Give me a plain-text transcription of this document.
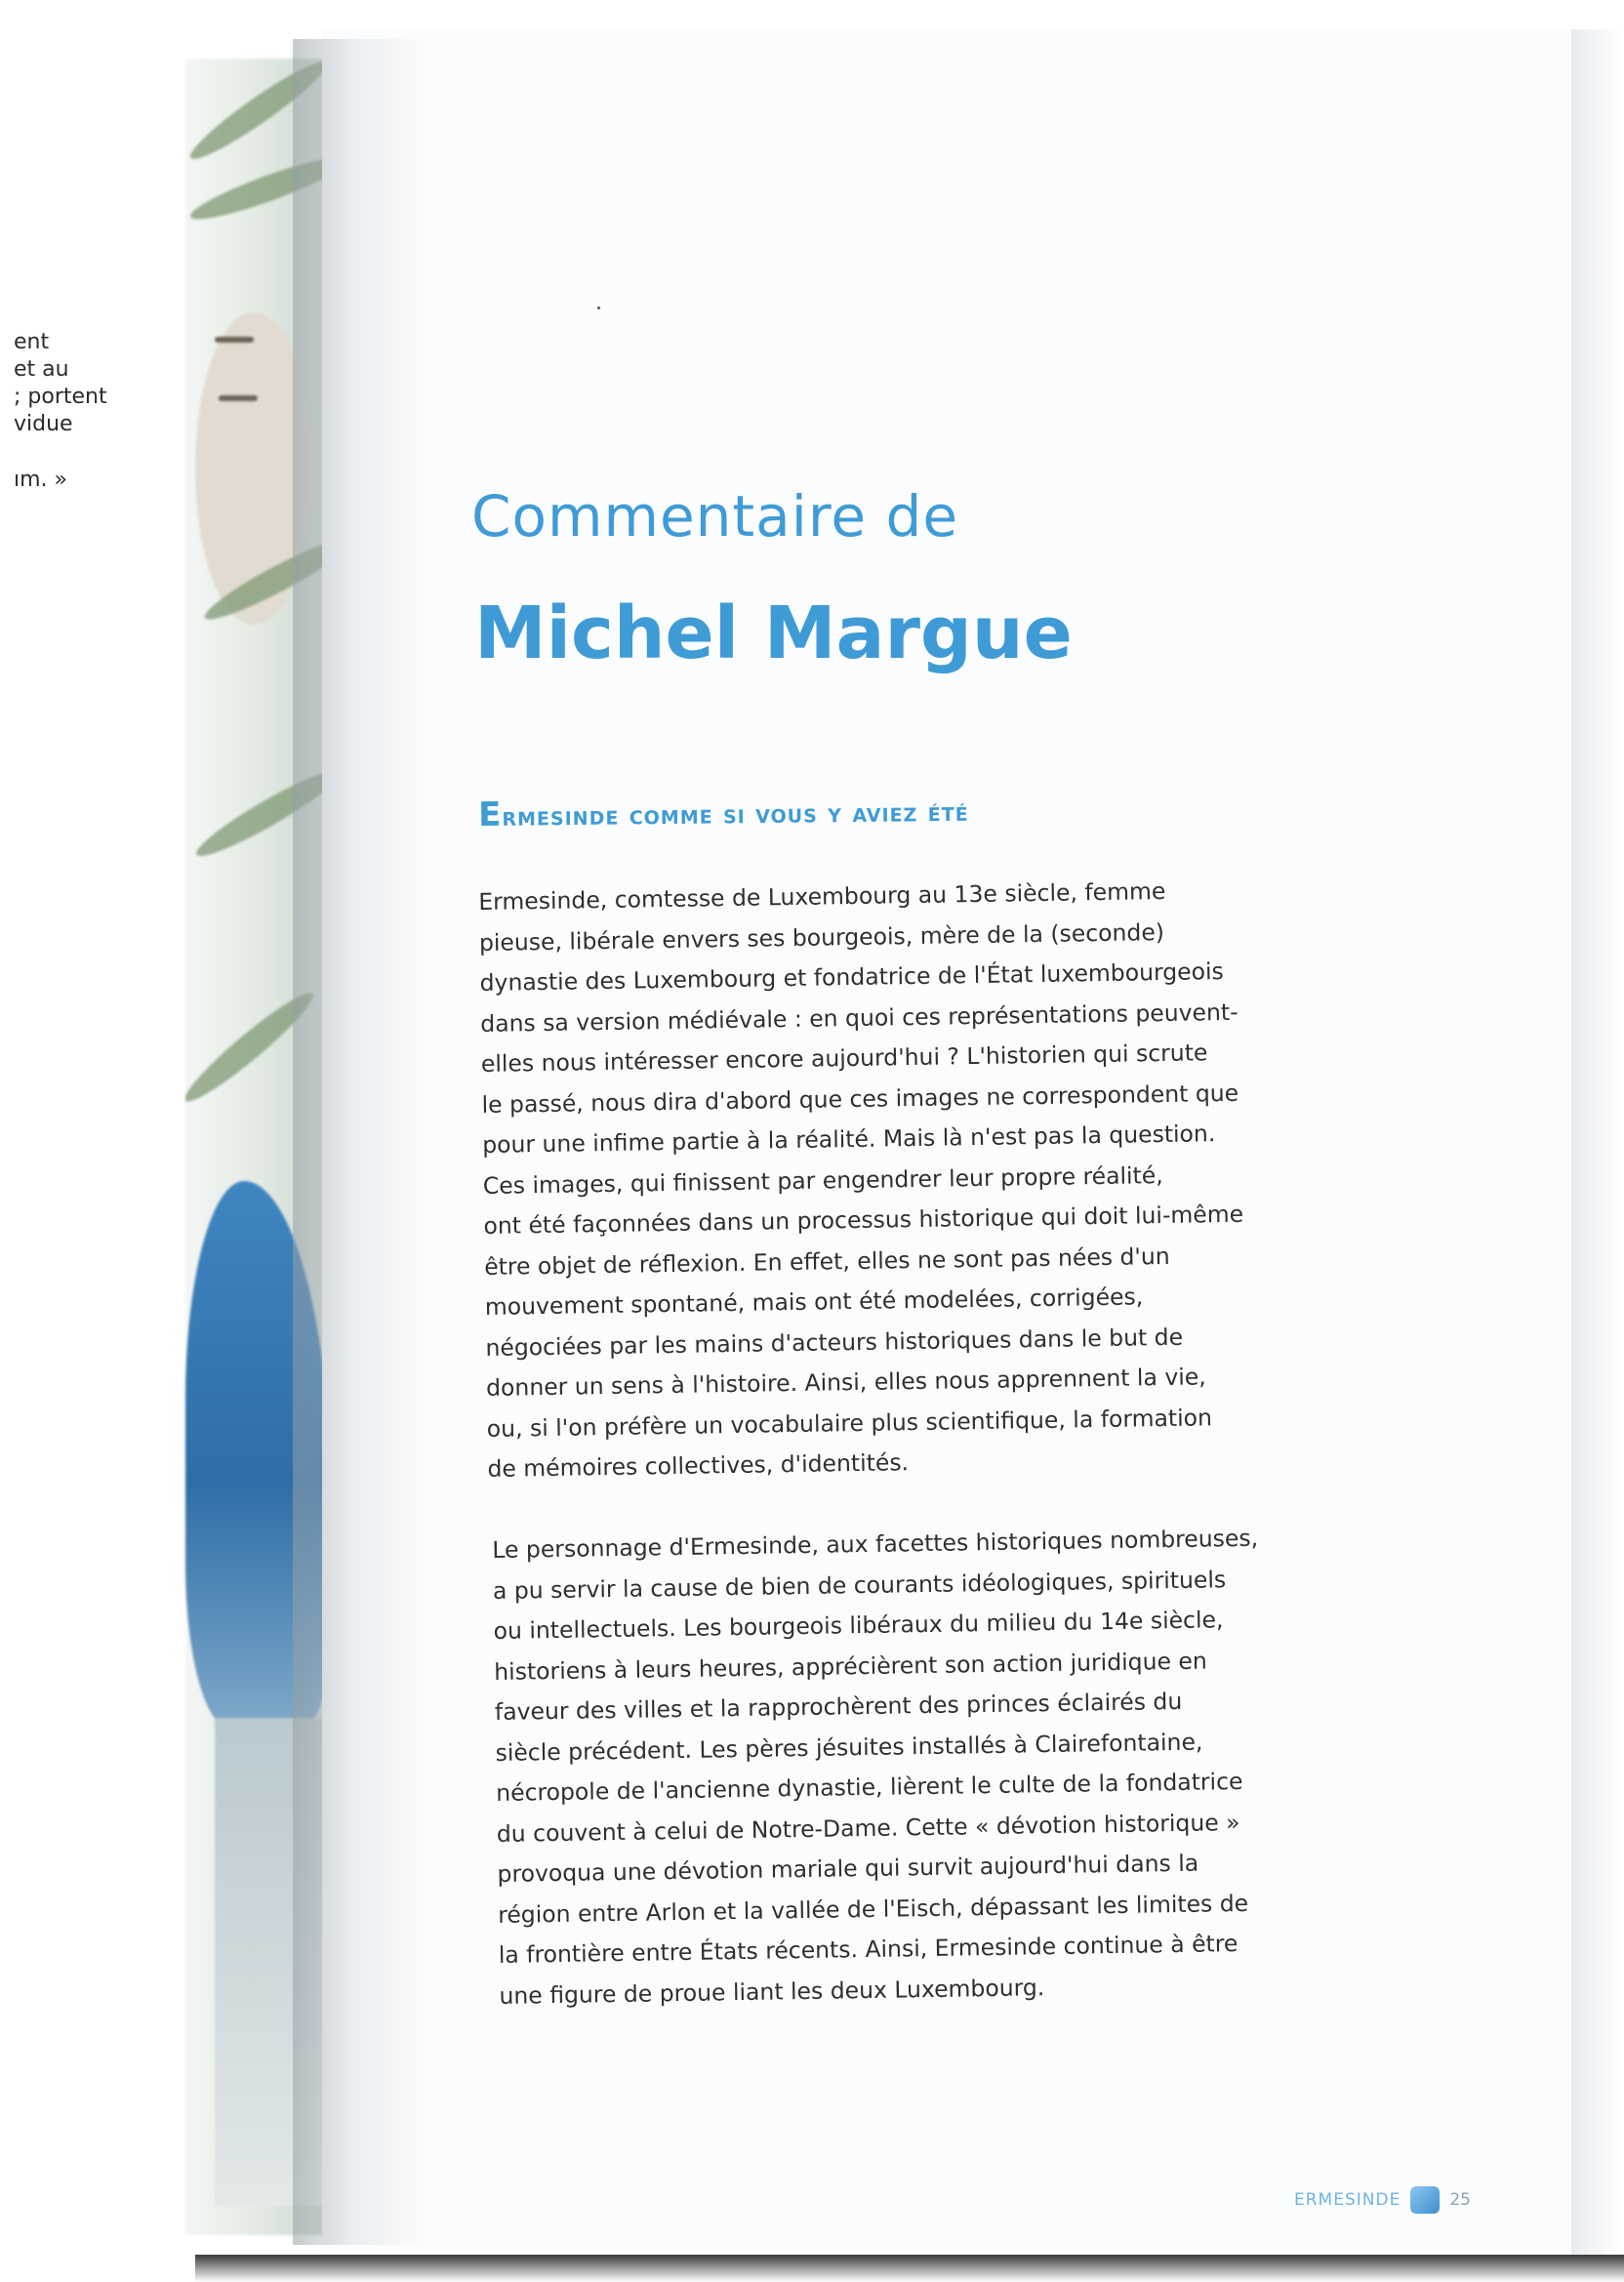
ent

et au

; portent

vidue

ım. »

Commentaire de
Michel Margue
Ermesinde comme si vous y aviez été
Ermesinde, comtesse de Luxembourg au 13e siècle, femme
pieuse, libérale envers ses bourgeois, mère de la (seconde)
dynastie des Luxembourg et fondatrice de l'État luxembourgeois
dans sa version médiévale : en quoi ces représentations peuvent-
elles nous intéresser encore aujourd'hui ? L'historien qui scrute
le passé, nous dira d'abord que ces images ne correspondent que
pour une infime partie à la réalité. Mais là n'est pas la question.
Ces images, qui finissent par engendrer leur propre réalité,
ont été façonnées dans un processus historique qui doit lui-même
être objet de réflexion. En effet, elles ne sont pas nées d'un
mouvement spontané, mais ont été modelées, corrigées,
négociées par les mains d'acteurs historiques dans le but de
donner un sens à l'histoire. Ainsi, elles nous apprennent la vie,
ou, si l'on préfère un vocabulaire plus scientifique, la formation
de mémoires collectives, d'identités.
Le personnage d'Ermesinde, aux facettes historiques nombreuses,
a pu servir la cause de bien de courants idéologiques, spirituels
ou intellectuels. Les bourgeois libéraux du milieu du 14e siècle,
historiens à leurs heures, apprécièrent son action juridique en
faveur des villes et la rapprochèrent des princes éclairés du
siècle précédent. Les pères jésuites installés à Clairefontaine,
nécropole de l'ancienne dynastie, lièrent le culte de la fondatrice
du couvent à celui de Notre-Dame. Cette « dévotion historique »
provoqua une dévotion mariale qui survit aujourd'hui dans la
région entre Arlon et la vallée de l'Eisch, dépassant les limites de
la frontière entre États récents. Ainsi, Ermesinde continue à être
une figure de proue liant les deux Luxembourg.
ERMESINDE	25
